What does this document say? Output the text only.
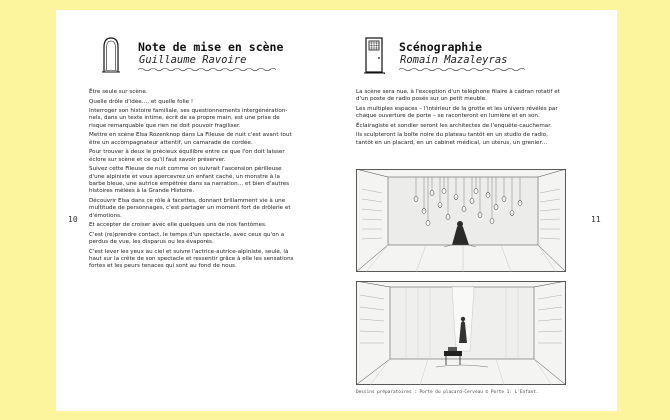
10
Note de mise en scène
Guillaume Ravoire

Être seule sur scène.

Quelle drôle d'idée…, et quelle folie !

Interroger son histoire familiale, ses questionnements intergénération-nels, dans un texte intime, écrit de sa propre main, est une prise de risque remarquable que rien ne doit pouvoir fragiliser.

Mettre en scène Elsa Rozenknop dans La Fileuse de nuit c'est avant tout être un accompagnateur attentif, un camarade de cordée.

Pour trouver à deux le précieux équilibre entre ce que l'on doit laisser éclore sur scène et ce qu'il faut savoir préserver.

Suivez cette Fileuse de nuit comme on suivrait l'ascension périlleuse d'une alpiniste et vous apercevrez un enfant caché, un monstre à la barbe bleue, une autrice empêtrée dans sa narration… et bien d'autres histoires mêlées à la Grande Histoire.

Découvrir Elsa dans ce rôle à facettes, donnant brillamment vie à une multitude de personnages, c'est partager un moment fort de drôlerie et d'émotions.

Et accepter de croiser avec elle quelques uns de nos fantômes.

C'est (re)prendre contact, le temps d'un spectacle, avec ceux qu'on a perdus de vue, les disparus ou les évaporés.

C'est lever les yeux au ciel et suivre l'actrice-autrice-alpiniste, seule, là haut sur la crête de son spectacle et ressentir grâce à elle les sensations fortes et les peurs tenaces qui sont au fond de nous.

11
Scénographie
Romain Mazaleyras

La scène sera nue, à l'exception d'un téléphone filaire à cadran rotatif et d'un poste de radio posés sur un petit meuble.

Les multiples espaces – l'intérieur de la grotte et les univers révélés par chaque ouverture de porte – se raconteront en lumière et en son.

Éclairagiste et sondier seront les architectes de l'enquête-cauchemar.

Ils sculpteront la boîte noire du plateau tantôt en un studio de radio, tantôt en un placard, en un cabinet médical, un utérus, un grenier…

Dessins préparatoires : Porte du placard-Cerveau © Porte 1: L'Enfant.
